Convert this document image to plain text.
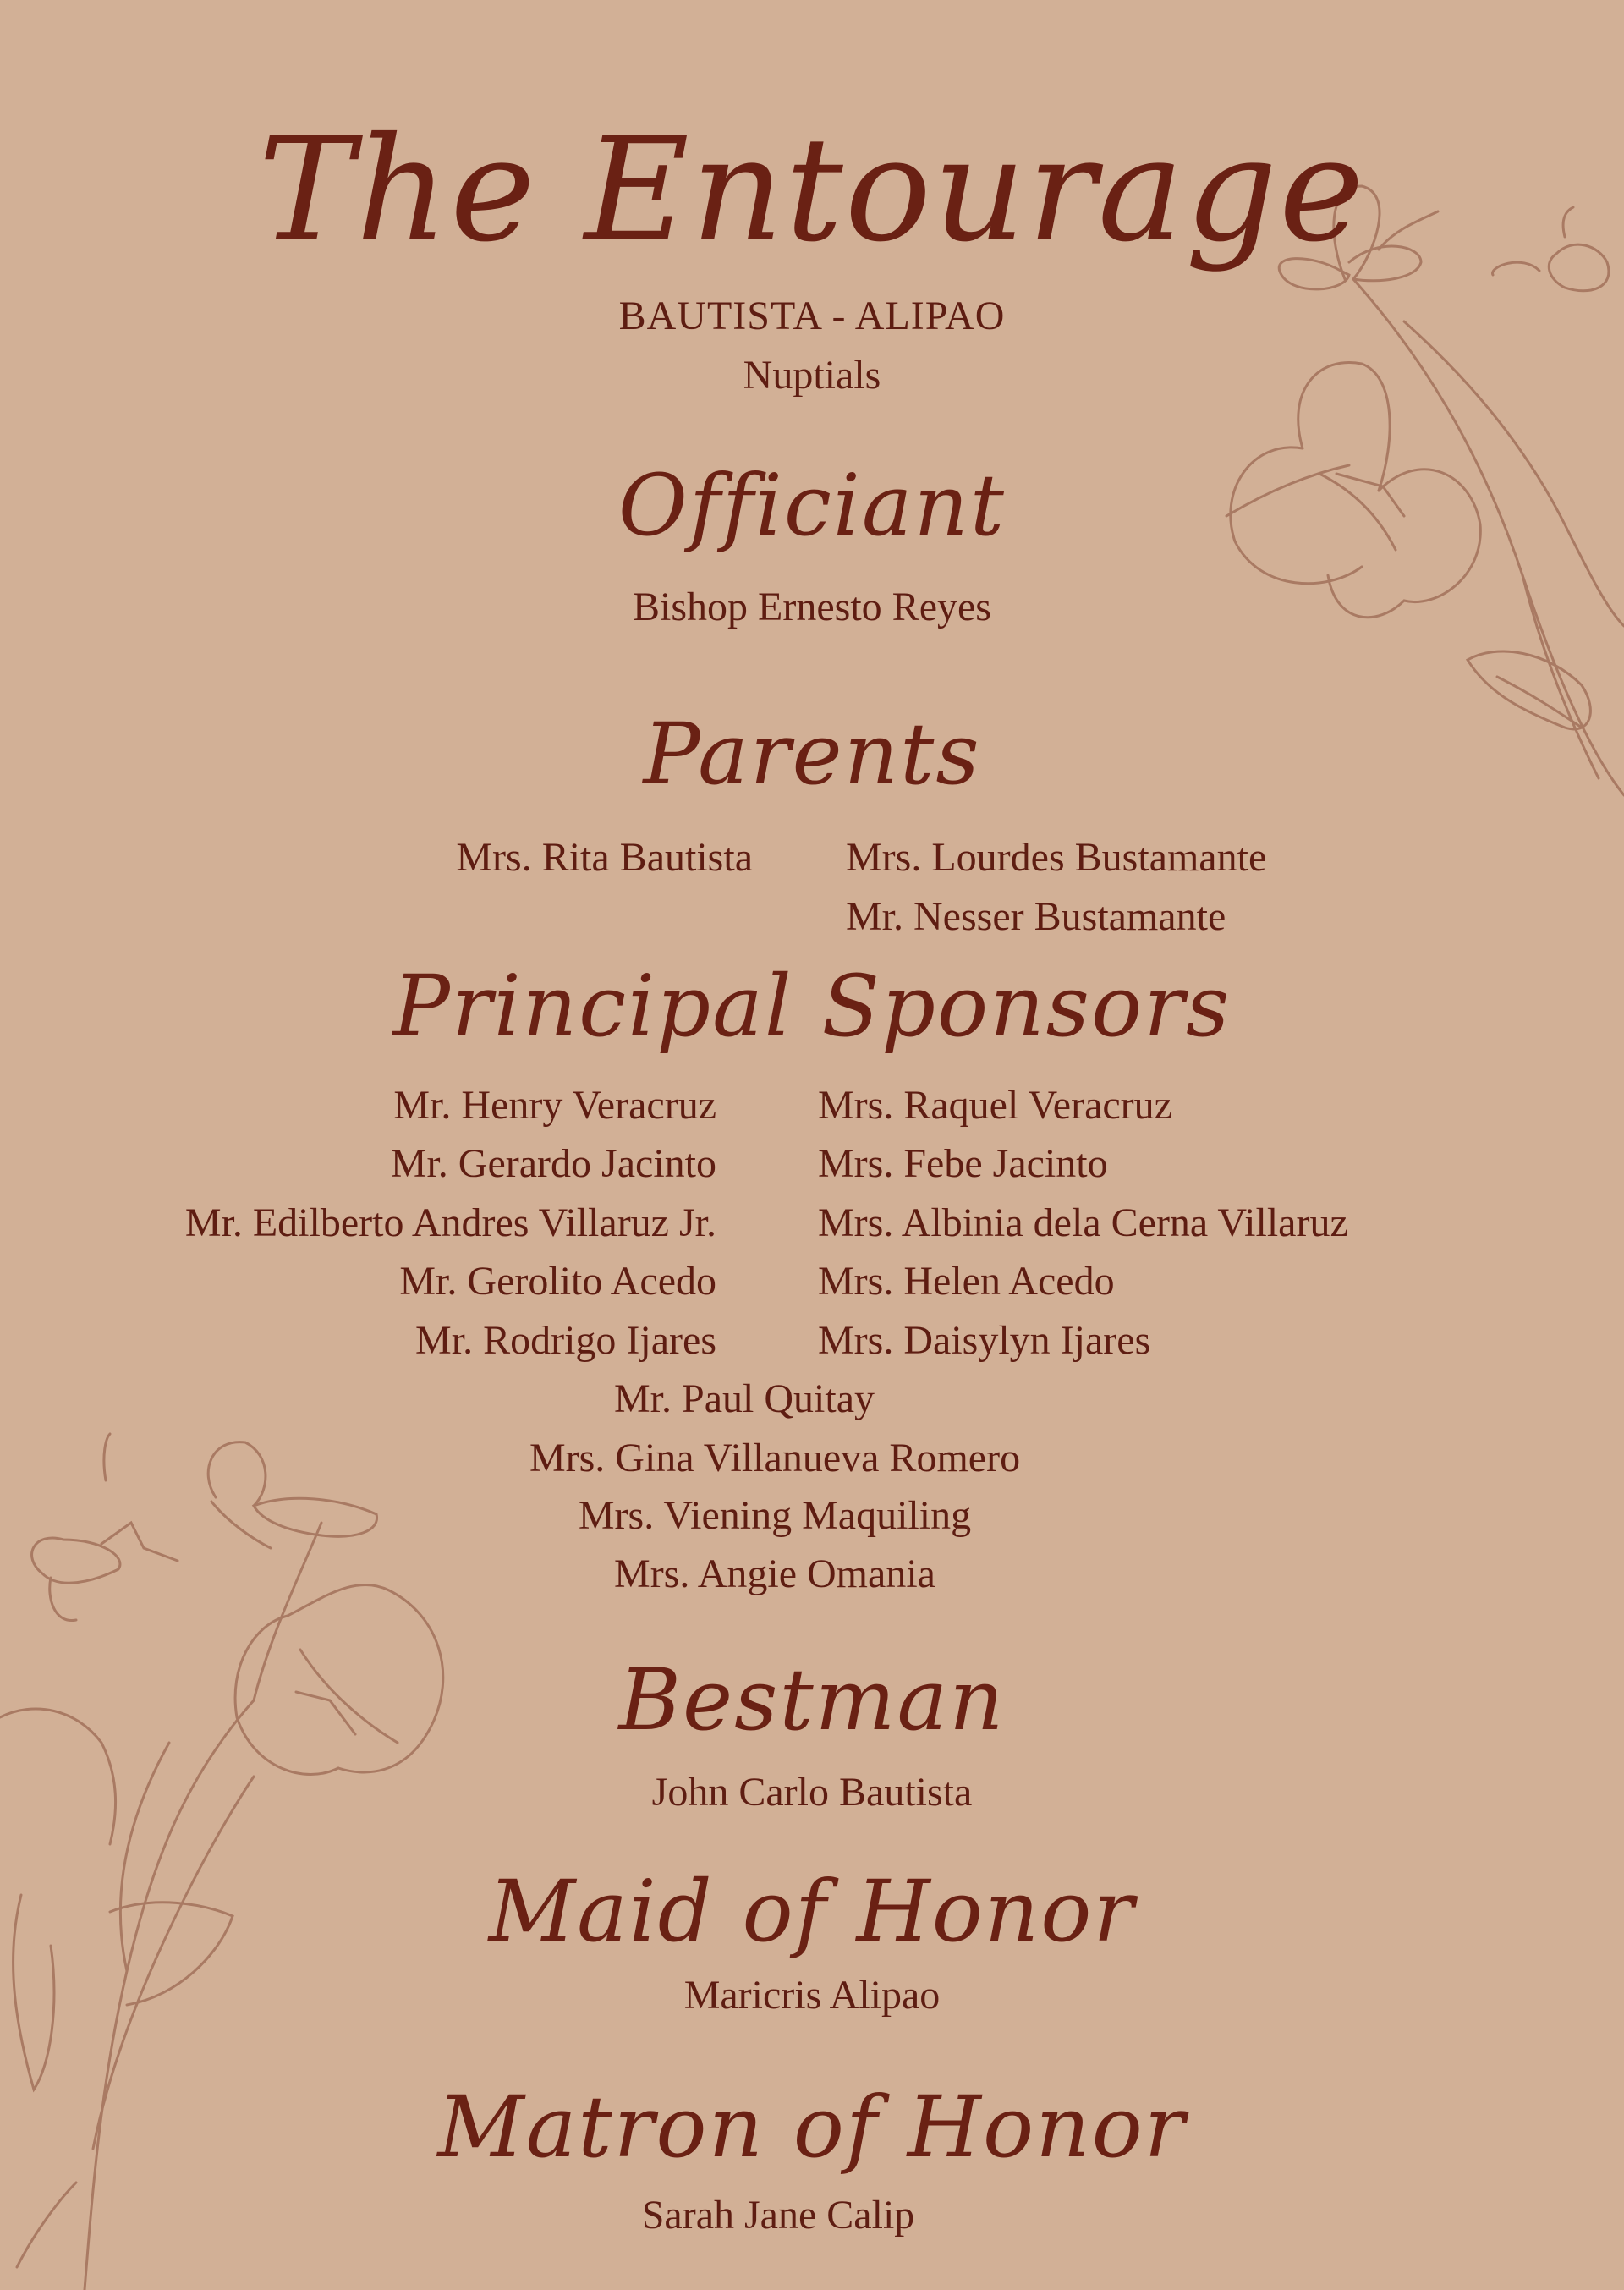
The Entourage
BAUTISTA - ALIPAO
Nuptials
Officiant
Bishop Ernesto Reyes
Parents
Mrs. Rita Bautista Mrs. Lourdes Bustamante
Mr. Nesser Bustamante
Principal Sponsors
Mr. Henry Veracruz	Mrs. Raquel Veracruz
Mr. Gerardo Jacinto	Mrs. Febe Jacinto
Mr. Edilberto Andres Villaruz Jr.	Mrs. Albinia dela Cerna Villaruz
Mr. Gerolito Acedo	Mrs. Helen Acedo
Mr. Rodrigo Ijares	Mrs. Daisylyn Ijares
Mr. Paul Quitay
Mrs. Gina Villanueva Romero
Mrs. Viening Maquiling
Mrs. Angie Omania
Bestman
John Carlo Bautista
Maid of Honor
Maricris Alipao
Matron of Honor
Sarah Jane Calip
